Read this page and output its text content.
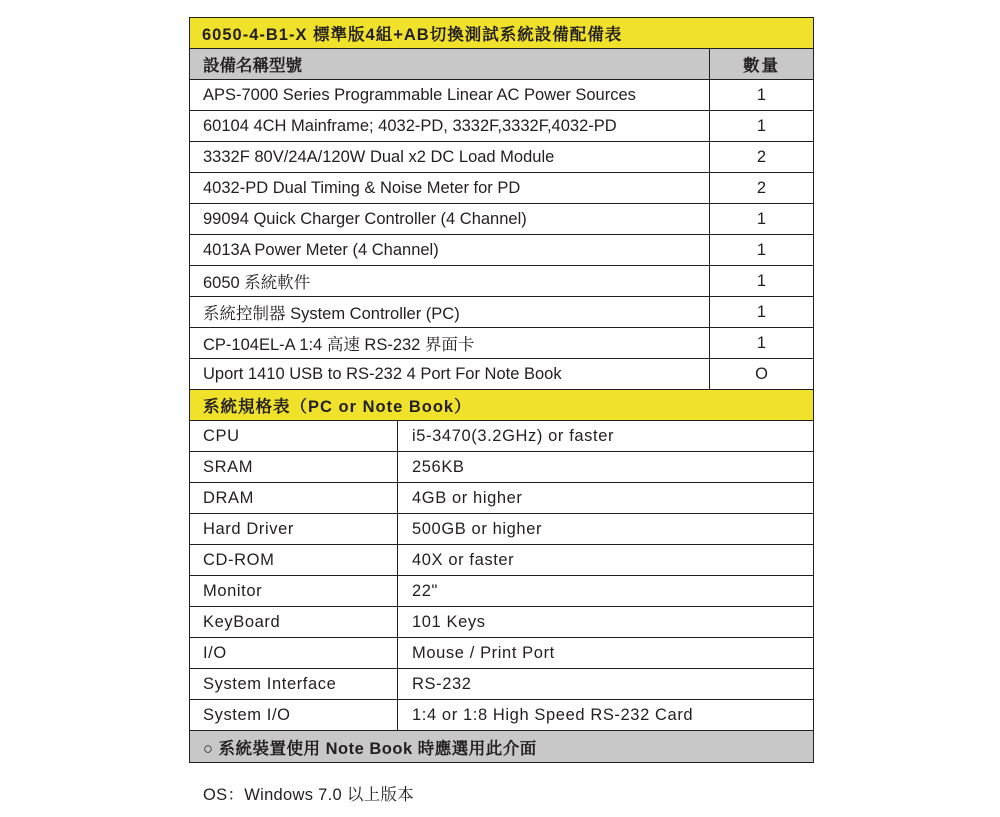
6050-4-B1-X 標準版4組+AB切換測試系統設備配備表
設備名稱型號	數量
APS-7000 Series Programmable Linear AC Power Sources	1
60104 4CH Mainframe; 4032-PD, 3332F,3332F,4032-PD	1
3332F 80V/24A/120W Dual x2 DC Load Module	2
4032-PD Dual Timing & Noise Meter for PD	2
99094 Quick Charger Controller (4 Channel)	1
4013A Power Meter (4 Channel)	1
6050 系統軟件	1
系統控制器 System Controller (PC)	1
CP-104EL-A 1:4 高速 RS-232 界面卡	1
Uport 1410 USB to RS-232 4 Port For Note Book	O
系統規格表（PC or Note Book）
CPU	i5-3470(3.2GHz) or faster
SRAM	256KB
DRAM	4GB or higher
Hard Driver	500GB or higher
CD-ROM	40X or faster
Monitor	22"
KeyBoard	101 Keys
I/O	Mouse / Print Port
System Interface	RS-232
System I/O	1:4 or 1:8 High Speed RS-232 Card
○ 系統裝置使用 Note Book 時應選用此介面
OS：Windows 7.0 以上版本
